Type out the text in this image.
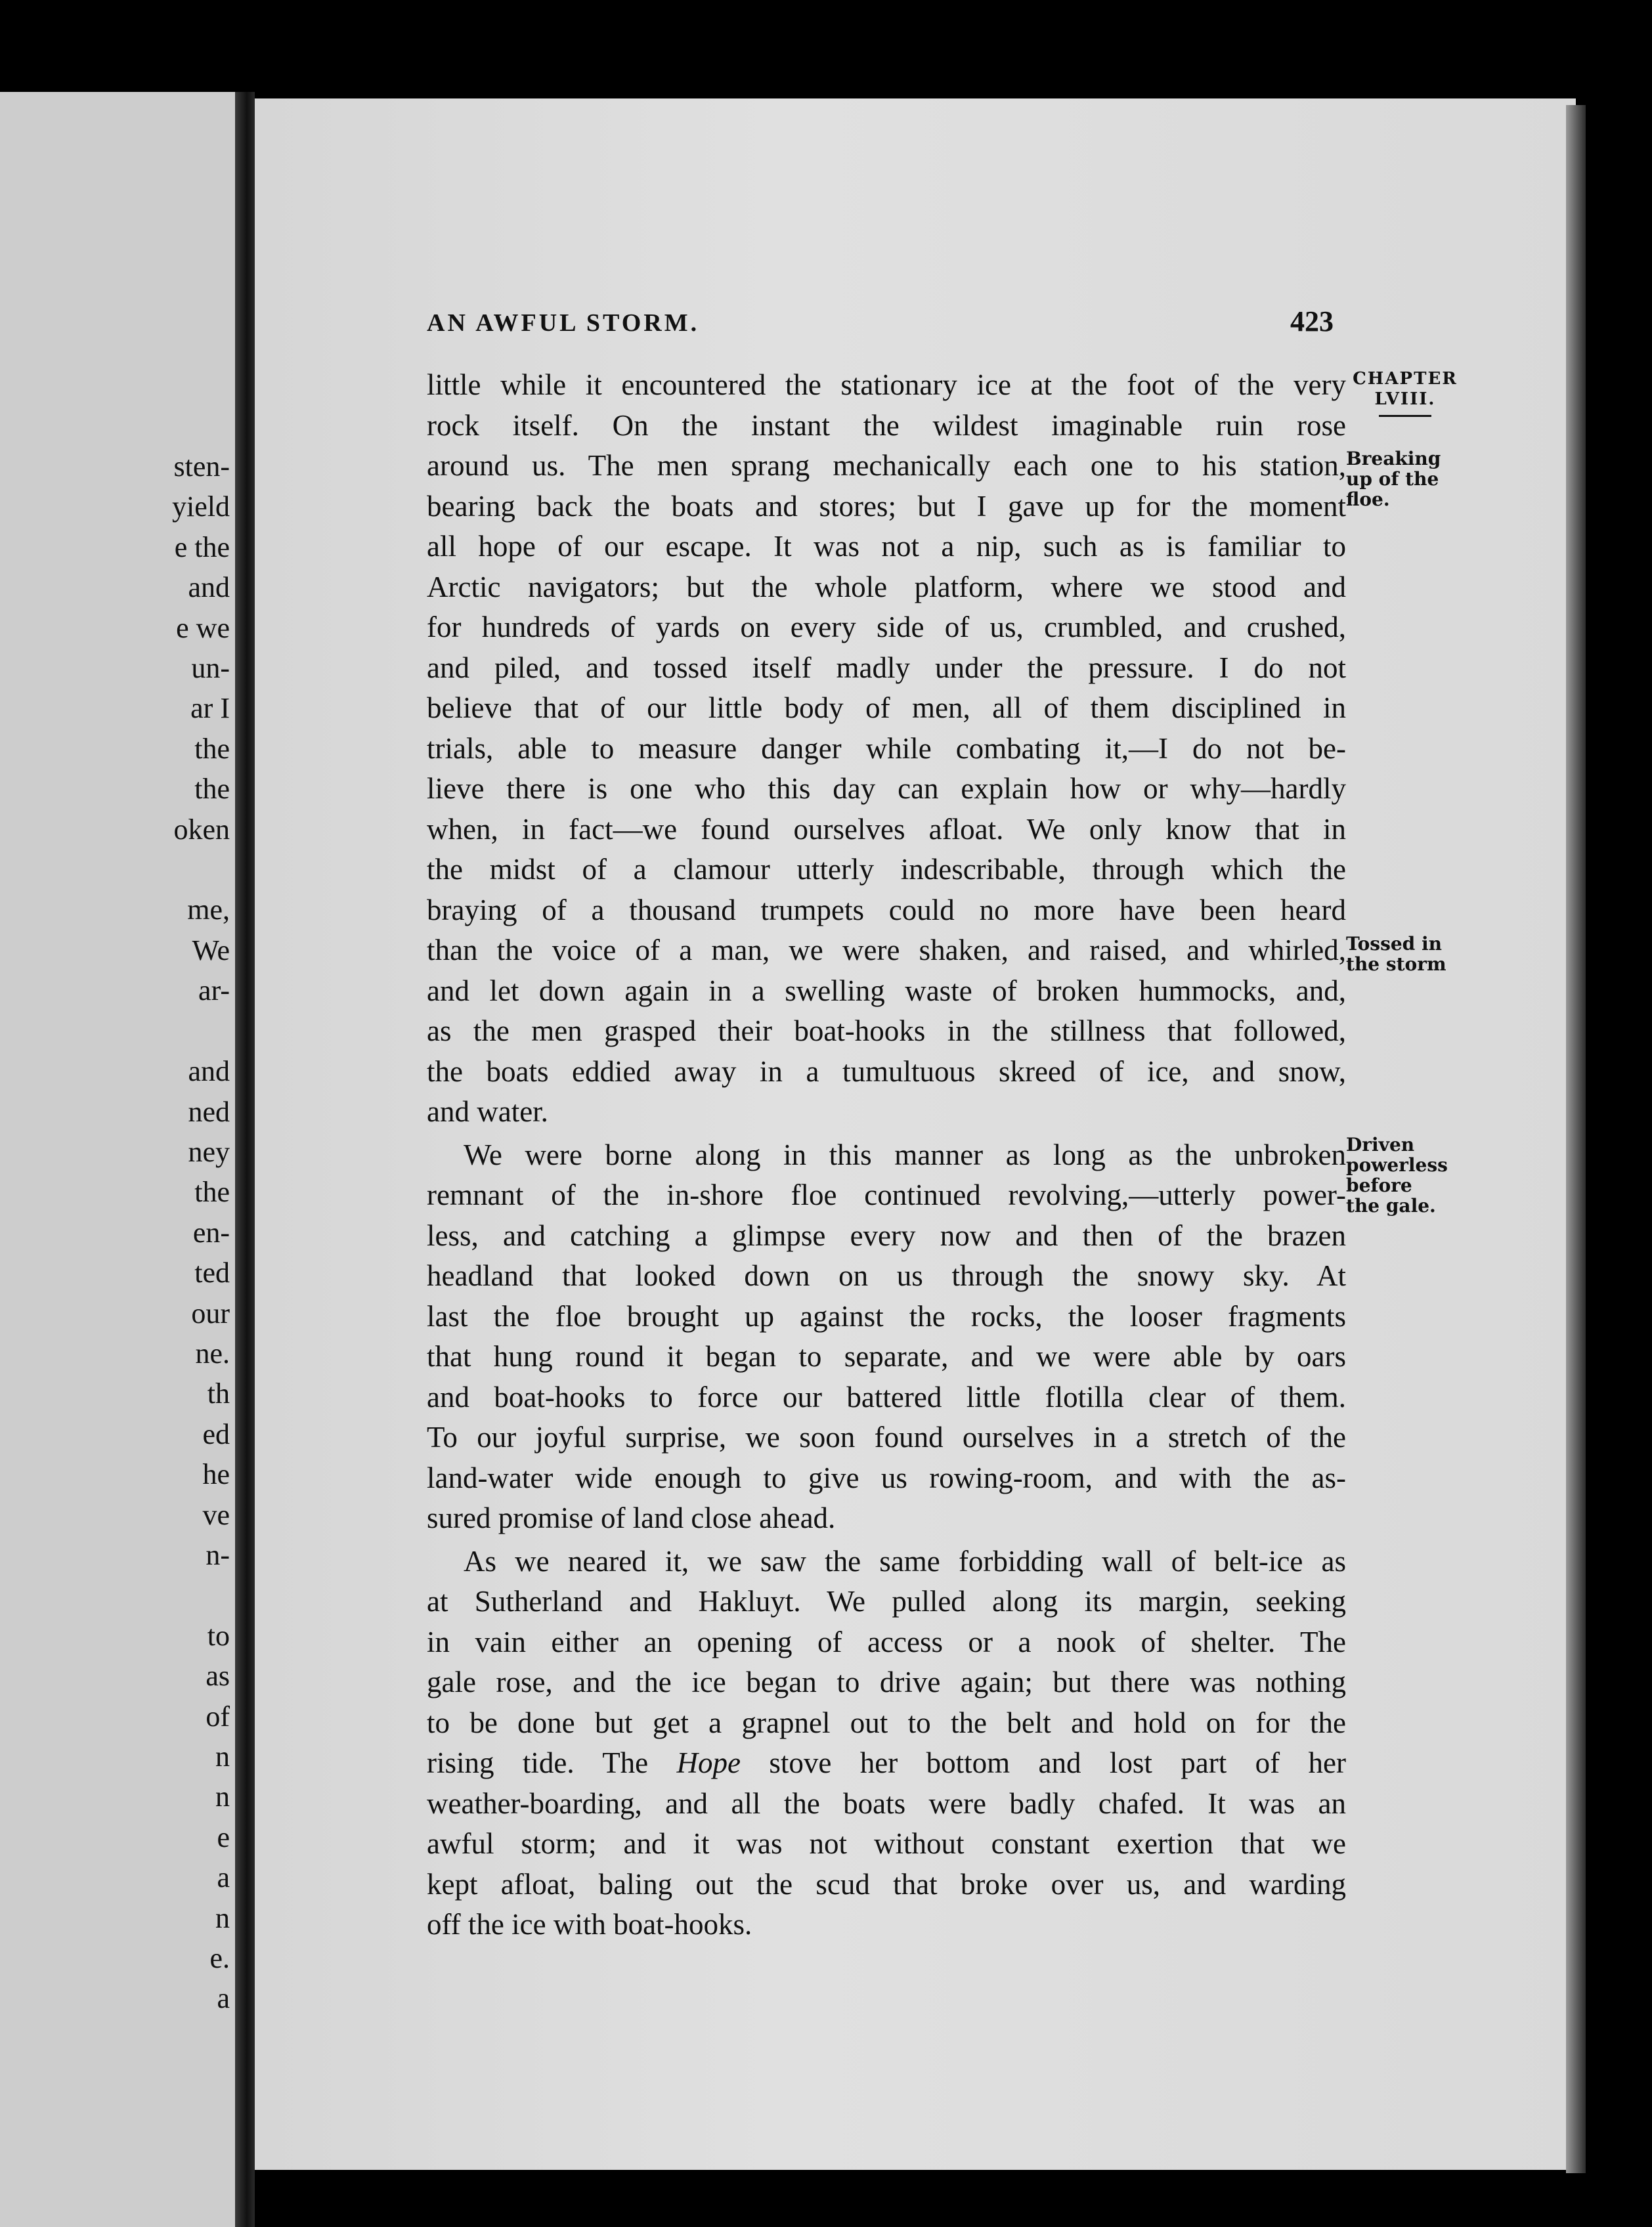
sten-
yield
e the
and
e we
un-
ar I
the
the
oken

me,
We
ar-

and
ned
ney
the
en-
ted
our
ne.
th
ed
he
ve
n-

to
as
of
n
n
e
a
n
e.
a
AN AWFUL STORM.	423
CHAPTER
LVIII.
Breaking
up of the
floe.
Tossed in
the storm
Driven
powerless
before
the gale.
little while it encountered the stationary ice at the foot of the very
rock itself. On the instant the wildest imaginable ruin rose
around us. The men sprang mechanically each one to his station,
bearing back the boats and stores; but I gave up for the moment
all hope of our escape. It was not a nip, such as is familiar to
Arctic navigators; but the whole platform, where we stood and
for hundreds of yards on every side of us, crumbled, and crushed,
and piled, and tossed itself madly under the pressure. I do not
believe that of our little body of men, all of them disciplined in
trials, able to measure danger while combating it,—I do not be-
lieve there is one who this day can explain how or why—hardly
when, in fact—we found ourselves afloat. We only know that in
the midst of a clamour utterly indescribable, through which the
braying of a thousand trumpets could no more have been heard
than the voice of a man, we were shaken, and raised, and whirled,
and let down again in a swelling waste of broken hummocks, and,
as the men grasped their boat-hooks in the stillness that followed,
the boats eddied away in a tumultuous skreed of ice, and snow,
and water.
We were borne along in this manner as long as the unbroken
remnant of the in-shore floe continued revolving,—utterly power-
less, and catching a glimpse every now and then of the brazen
headland that looked down on us through the snowy sky. At
last the floe brought up against the rocks, the looser fragments
that hung round it began to separate, and we were able by oars
and boat-hooks to force our battered little flotilla clear of them.
To our joyful surprise, we soon found ourselves in a stretch of the
land-water wide enough to give us rowing-room, and with the as-
sured promise of land close ahead.
As we neared it, we saw the same forbidding wall of belt-ice as
at Sutherland and Hakluyt. We pulled along its margin, seeking
in vain either an opening of access or a nook of shelter. The
gale rose, and the ice began to drive again; but there was nothing
to be done but get a grapnel out to the belt and hold on for the
rising tide. The Hope stove her bottom and lost part of her
weather-boarding, and all the boats were badly chafed. It was an
awful storm; and it was not without constant exertion that we
kept afloat, baling out the scud that broke over us, and warding
off the ice with boat-hooks.
